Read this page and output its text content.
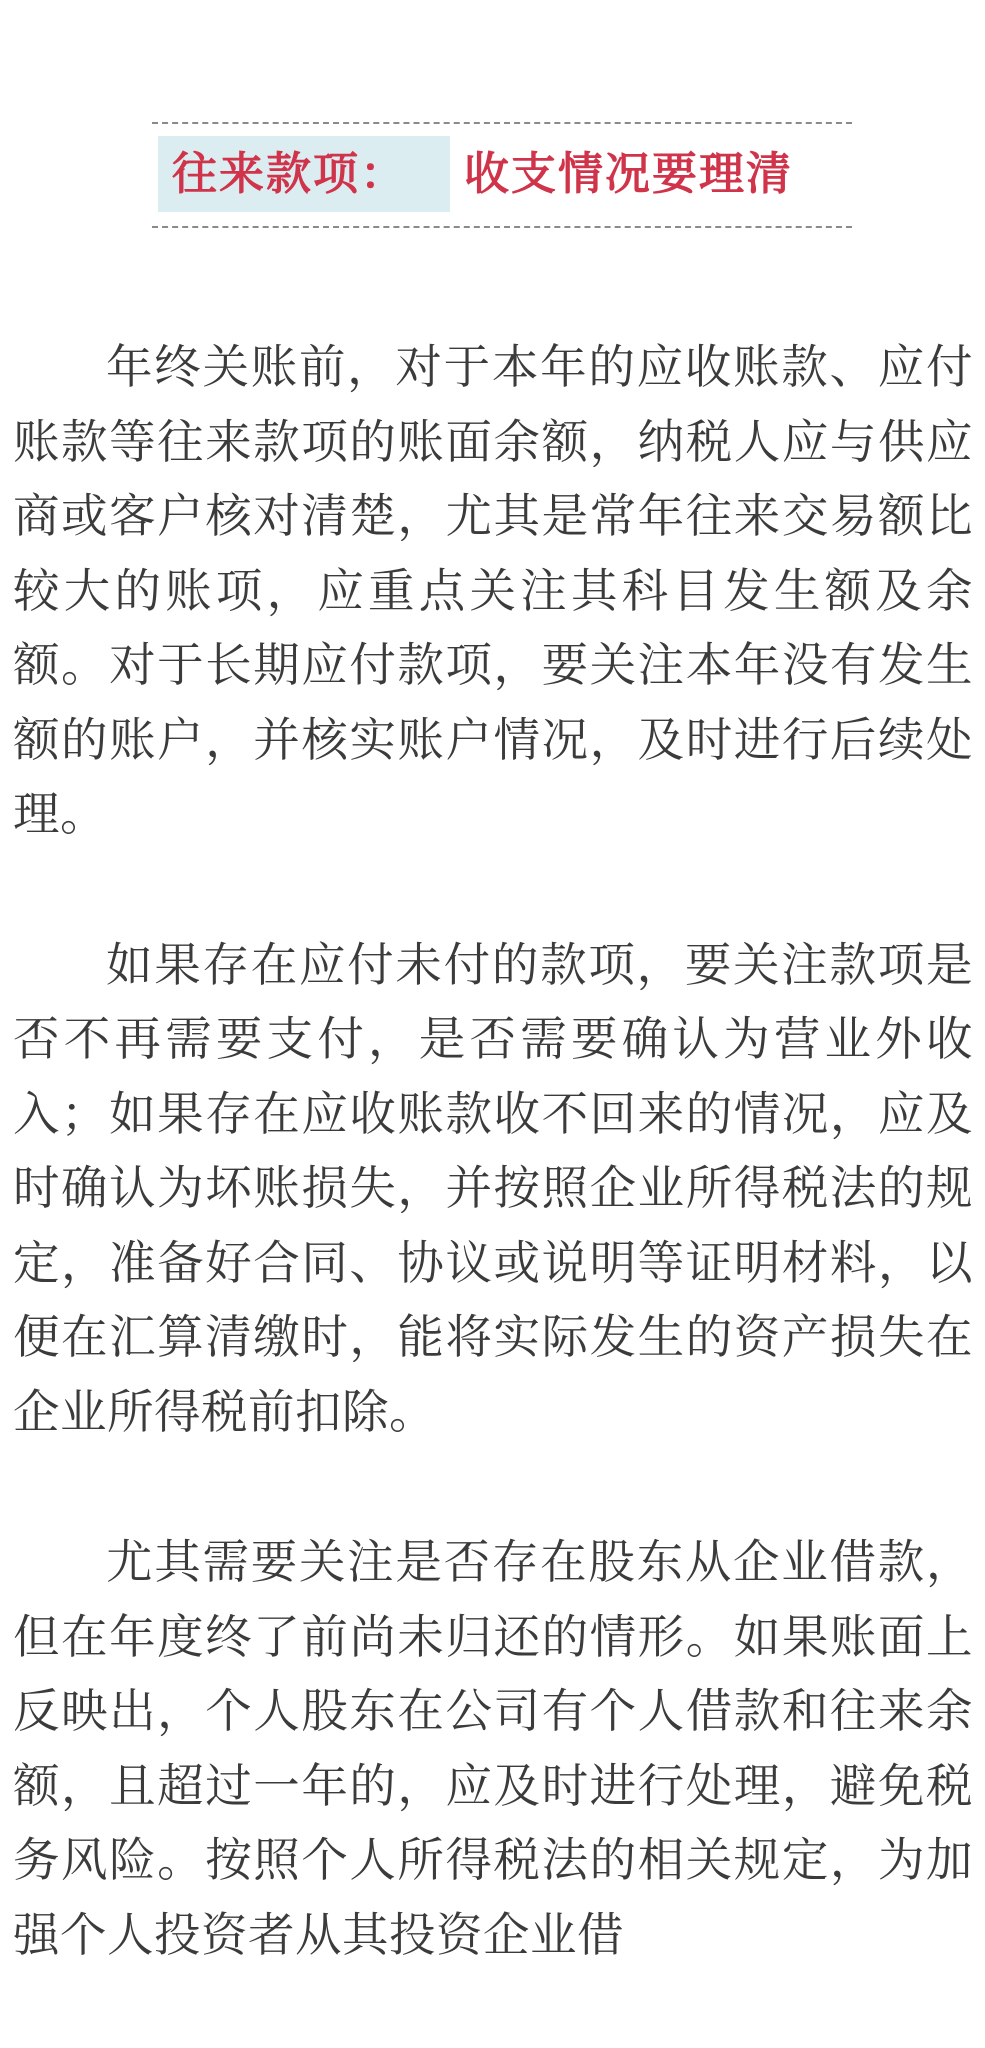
往来款项： 收支情况要理清

年终关账前，对于本年的应收账款、应付账款等往来款项的账面余额，纳税人应与供应商或客户核对清楚，尤其是常年往来交易额比较大的账项，应重点关注其科目发生额及余额。对于长期应付款项，要关注本年没有发生额的账户，并核实账户情况，及时进行后续处理。

如果存在应付未付的款项，要关注款项是否不再需要支付，是否需要确认为营业外收入；如果存在应收账款收不回来的情况，应及时确认为坏账损失，并按照企业所得税法的规定，准备好合同、协议或说明等证明材料，以便在汇算清缴时，能将实际发生的资产损失在企业所得税前扣除。

尤其需要关注是否存在股东从企业借款，但在年度终了前尚未归还的情形。如果账面上反映出，个人股东在公司有个人借款和往来余额，且超过一年的，应及时进行处理，避免税务风险。按照个人所得税法的相关规定，为加强个人投资者从其投资企业借
